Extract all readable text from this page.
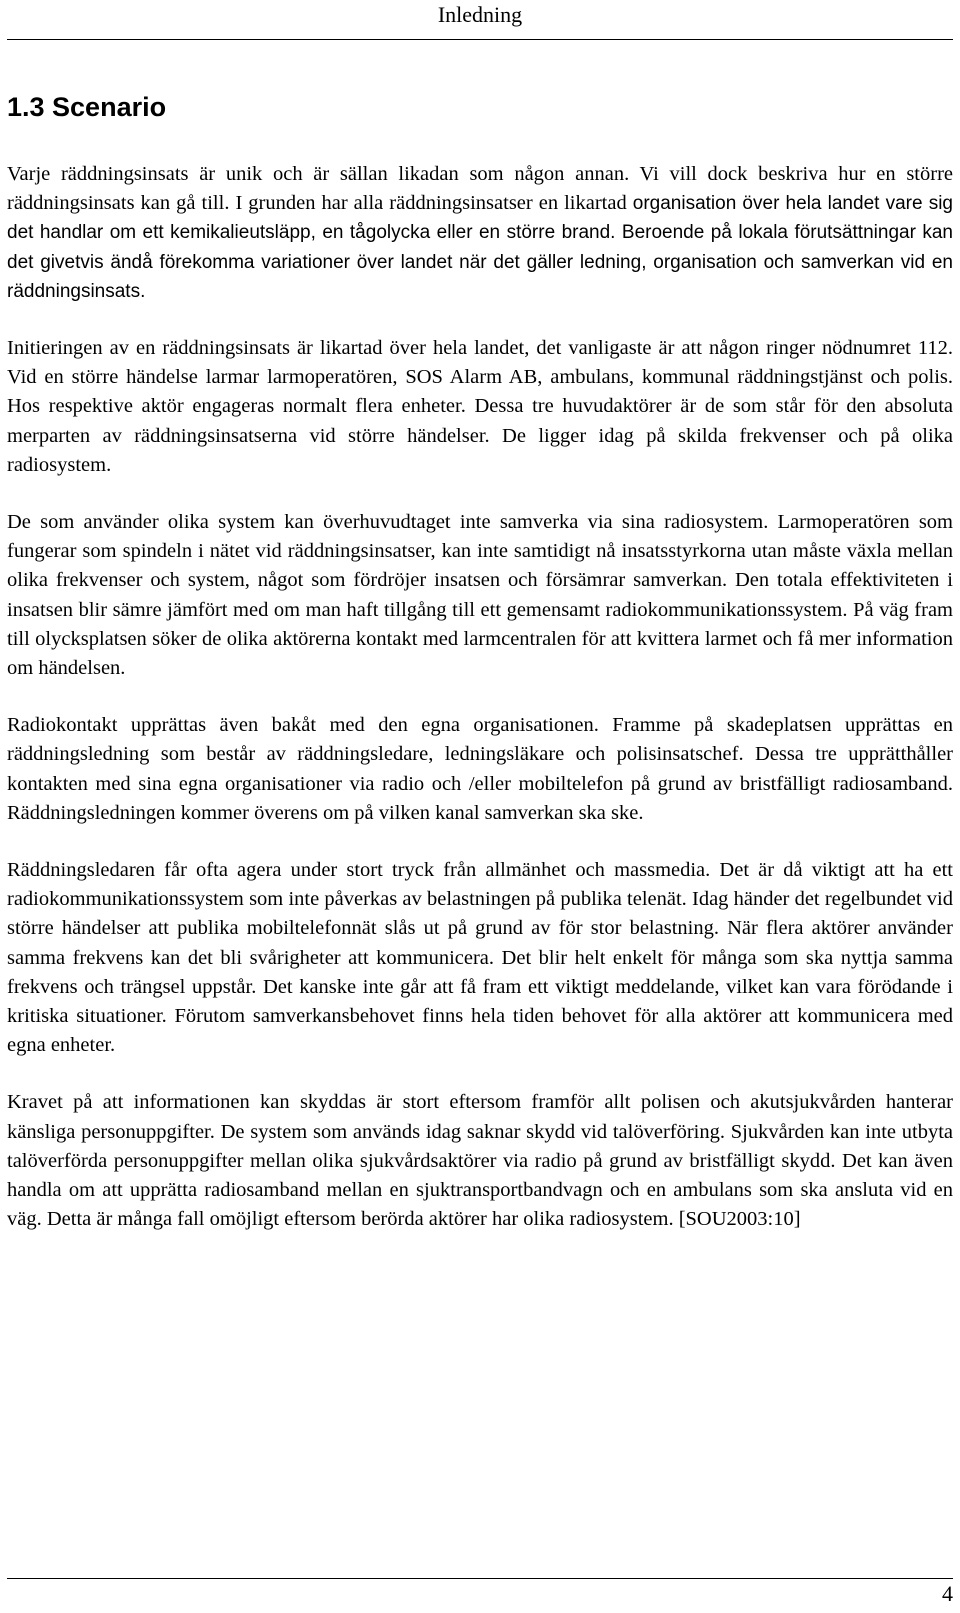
Inledning
1.3 Scenario

Varje räddningsinsats är unik och är sällan likadan som någon annan. Vi vill dock beskriva hur en större räddningsinsats kan gå till. I grunden har alla räddningsinsatser en likartad organisation över hela landet vare sig det handlar om ett kemikalieutsläpp, en tågolycka eller en större brand. Beroende på lokala förutsättningar kan det givetvis ändå förekomma variationer över landet när det gäller ledning, organisation och samverkan vid en räddningsinsats.

Initieringen av en räddningsinsats är likartad över hela landet, det vanligaste är att någon ringer nödnumret 112. Vid en större händelse larmar larmoperatören, SOS Alarm AB, ambulans, kommunal räddningstjänst och polis. Hos respektive aktör engageras normalt flera enheter. Dessa tre huvudaktörer är de som står för den absoluta merparten av räddningsinsatserna vid större händelser. De ligger idag på skilda frekvenser och på olika radiosystem.

De som använder olika system kan överhuvudtaget inte samverka via sina radiosystem. Larmoperatören som fungerar som spindeln i nätet vid räddningsinsatser, kan inte samtidigt nå insatsstyrkorna utan måste växla mellan olika frekvenser och system, något som fördröjer insatsen och försämrar samverkan. Den totala effektiviteten i insatsen blir sämre jämfört med om man haft tillgång till ett gemensamt radiokommunikationssystem. På väg fram till olycksplatsen söker de olika aktörerna kontakt med larmcentralen för att kvittera larmet och få mer information om händelsen.

Radiokontakt upprättas även bakåt med den egna organisationen. Framme på skadeplatsen upprättas en räddningsledning som består av räddningsledare, ledningsläkare och polisinsatschef. Dessa tre upprätthåller kontakten med sina egna organisationer via radio och /eller mobiltelefon på grund av bristfälligt radiosamband. Räddningsledningen kommer överens om på vilken kanal samverkan ska ske.

Räddningsledaren får ofta agera under stort tryck från allmänhet och massmedia. Det är då viktigt att ha ett radiokommunikationssystem som inte påverkas av belastningen på publika telenät. Idag händer det regelbundet vid större händelser att publika mobiltelefonnät slås ut på grund av för stor belastning. När flera aktörer använder samma frekvens kan det bli svårigheter att kommunicera. Det blir helt enkelt för många som ska nyttja samma frekvens och trängsel uppstår. Det kanske inte går att få fram ett viktigt meddelande, vilket kan vara förödande i kritiska situationer. Förutom samverkansbehovet finns hela tiden behovet för alla aktörer att kommunicera med egna enheter.

Kravet på att informationen kan skyddas är stort eftersom framför allt polisen och akutsjukvården hanterar känsliga personuppgifter. De system som används idag saknar skydd vid talöverföring. Sjukvården kan inte utbyta talöverförda personuppgifter mellan olika sjukvårdsaktörer via radio på grund av bristfälligt skydd. Det kan även handla om att upprätta radiosamband mellan en sjuktransportbandvagn och en ambulans som ska ansluta vid en väg. Detta är många fall omöjligt eftersom berörda aktörer har olika radiosystem. [SOU2003:10]

4
